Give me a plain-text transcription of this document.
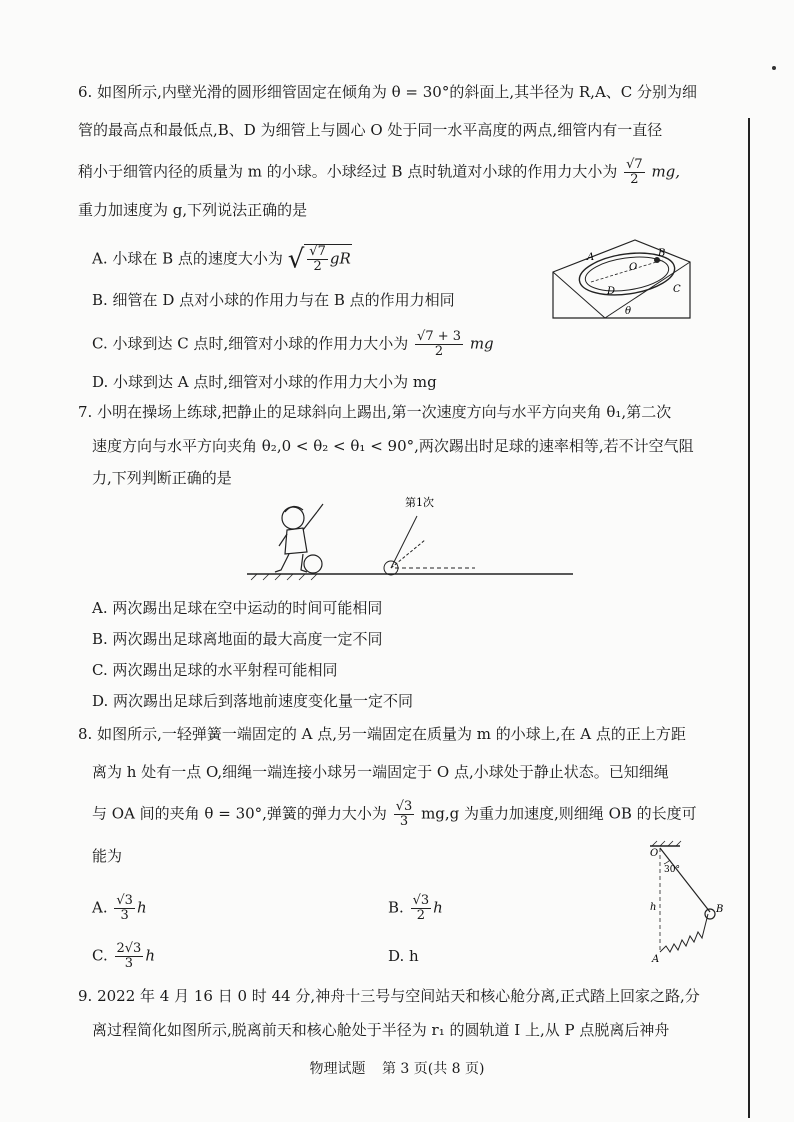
6. 如图所示,内壁光滑的圆形细管固定在倾角为 θ = 30°的斜面上,其半径为 R,A、C 分别为细
管的最高点和最低点,B、D 为细管上与圆心 O 处于同一水平高度的两点,细管内有一直径
稍小于细管内径的质量为 m 的小球。小球经过 B 点时轨道对小球的作用力大小为 $\frac{√7}{2}$ mg,
重力加速度为 g,下列说法正确的是
A. 小球在 B 点的速度大小为 √ $\frac{√7}{2}$ gR
B. 细管在 D 点对小球的作用力与在 B 点的作用力相同
C. 小球到达 C 点时,细管对小球的作用力大小为 $\frac{√7 + 3}{2}$ mg
D. 小球到达 A 点时,细管对小球的作用力大小为 mg
A	B
C
D
O
θ
7. 小明在操场上练球,把静止的足球斜向上踢出,第一次速度方向与水平方向夹角 θ₁,第二次
速度方向与水平方向夹角 θ₂,0 < θ₂ < θ₁ < 90°,两次踢出时足球的速率相等,若不计空气阻
力,下列判断正确的是
第1次
A. 两次踢出足球在空中运动的时间可能相同
B. 两次踢出足球离地面的最大高度一定不同
C. 两次踢出足球的水平射程可能相同
D. 两次踢出足球后到落地前速度变化量一定不同
8. 如图所示,一轻弹簧一端固定的 A 点,另一端固定在质量为 m 的小球上,在 A 点的正上方距
离为 h 处有一点 O,细绳一端连接小球另一端固定于 O 点,小球处于静止状态。已知细绳
与 OA 间的夹角 θ = 30°,弹簧的弹力大小为 $\frac{√3}{3} mg,g$ 为重力加速度,则细绳 OB 的长度可
能为
A. $\frac{√3}{3}$ h	B. $\frac{√3}{2}$ h
C. $\frac{2√3}{3}$ h	D. h
O
30°
B
A
h
9. 2022 年 4 月 16 日 0 时 44 分,神舟十三号与空间站天和核心舱分离,正式踏上回家之路,分
离过程简化如图所示,脱离前天和核心舱处于半径为 r₁ 的圆轨道 I 上,从 P 点脱离后神舟
物理试题 第 3 页(共 8 页)
